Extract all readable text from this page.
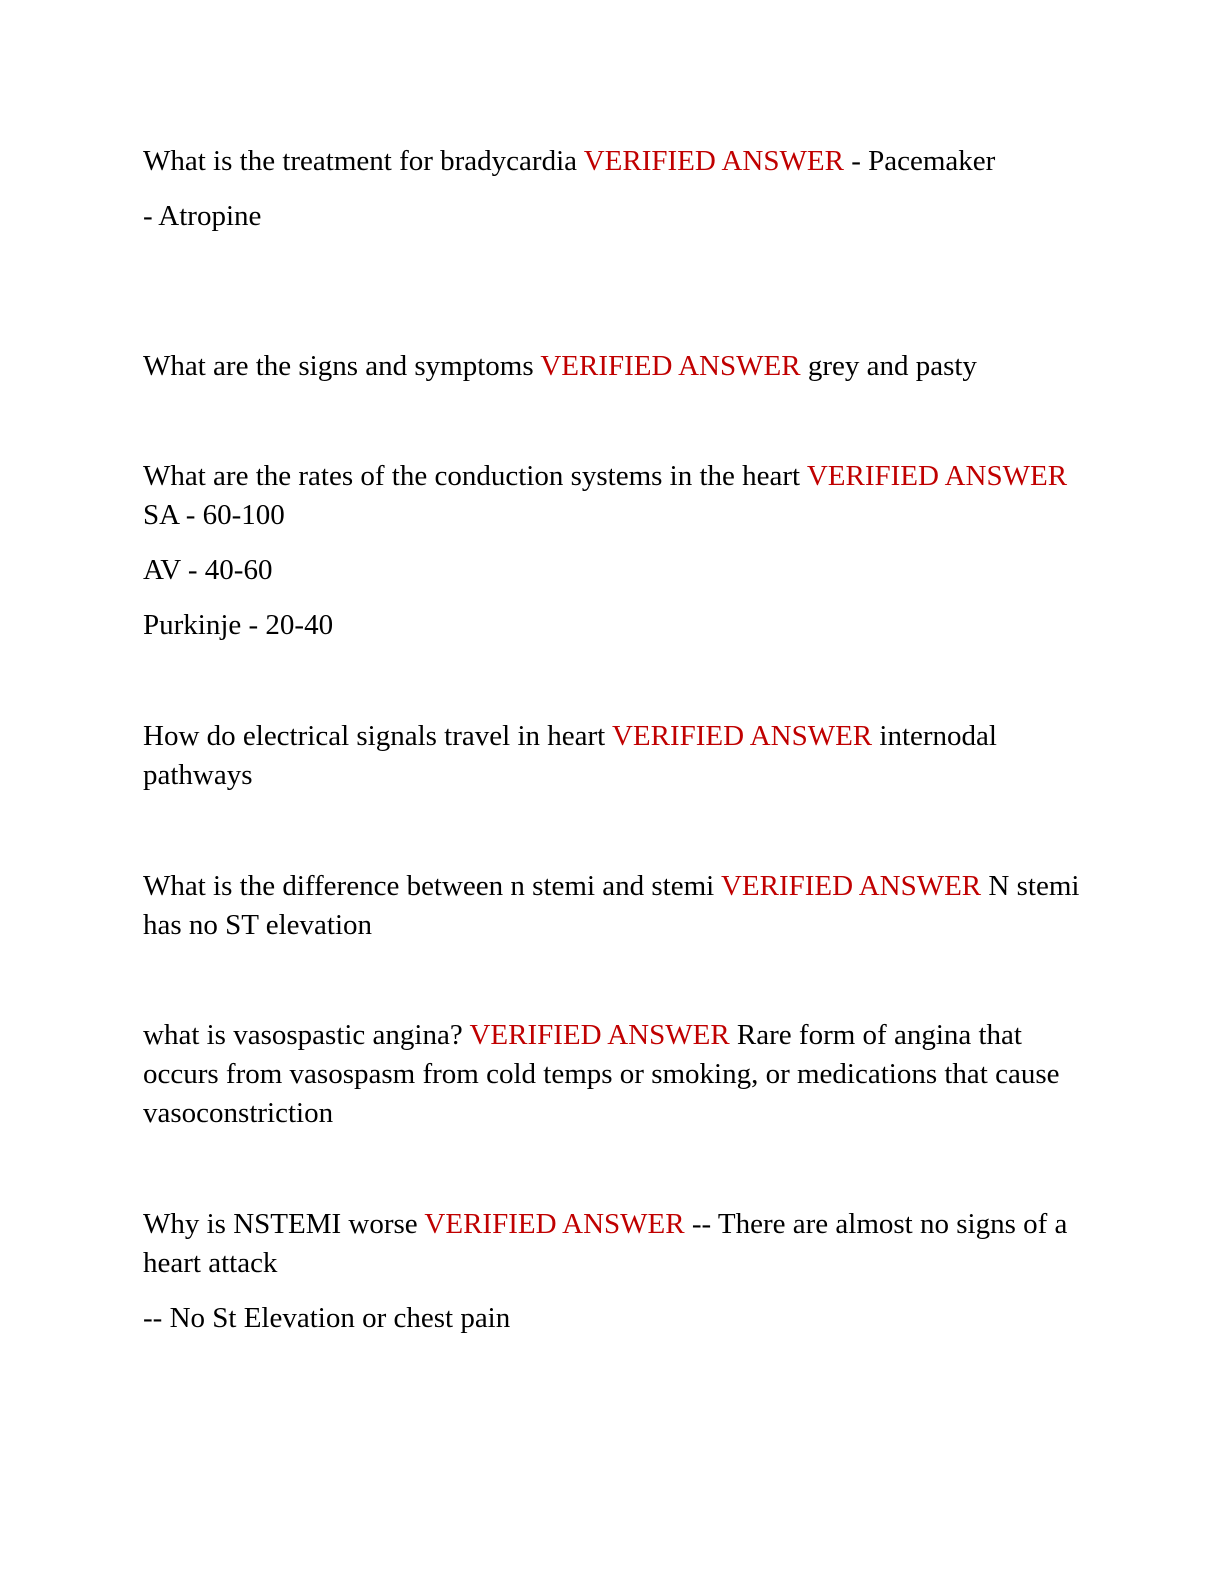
What is the treatment for bradycardia VERIFIED ANSWER - Pacemaker

- Atropine

What are the signs and symptoms VERIFIED ANSWER grey and pasty

What are the rates of the conduction systems in the heart VERIFIED ANSWER SA - 60-100

AV - 40-60

Purkinje - 20-40

How do electrical signals travel in heart VERIFIED ANSWER internodal pathways

What is the difference between n stemi and stemi VERIFIED ANSWER N stemi has no ST elevation

what is vasospastic angina? VERIFIED ANSWER Rare form of angina that occurs from vasospasm from cold temps or smoking, or medications that cause vasoconstriction

Why is NSTEMI worse VERIFIED ANSWER -- There are almost no signs of a heart attack

-- No St Elevation or chest pain
